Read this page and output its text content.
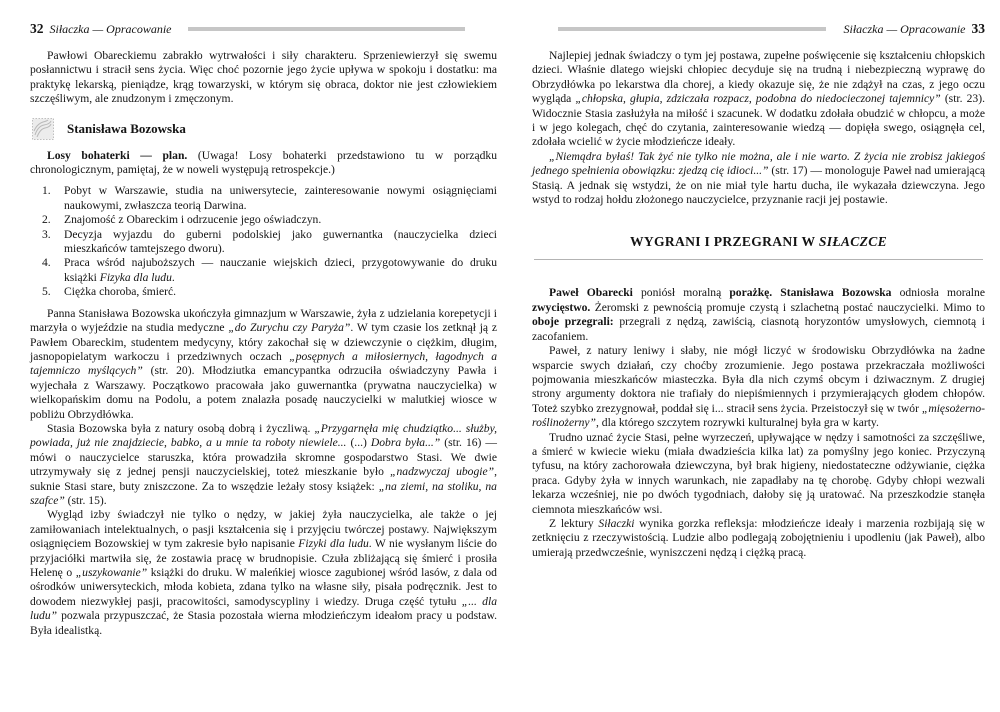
32 Siłaczka — Opracowanie

Pawłowi Obareckiemu zabrakło wytrwałości i siły charakteru. Sprzeniewierzył się swemu posłannictwu i stracił sens życia. Więc choć pozornie jego życie upływa w spokoju i dostatku: ma praktykę lekarską, pieniądze, krąg towarzyski, w którym się obraca, doktor nie jest człowiekiem szczęśliwym, ale znudzonym i zmęczonym.

Stanisława Bozowska

Losy bohaterki — plan. (Uwaga! Losy bohaterki przedstawiono tu w porządku chronologicznym, pamiętaj, że w noweli występują retrospekcje.)

1. Pobyt w Warszawie, studia na uniwersytecie, zainteresowanie nowymi osiągnięciami naukowymi, zwłaszcza teorią Darwina.
2. Znajomość z Obareckim i odrzucenie jego oświadczyn.
3. Decyzja wyjazdu do guberni podolskiej jako guwernantka (nauczycielka dzieci mieszkańców tamtejszego dworu).
4. Praca wśród najuboższych — nauczanie wiejskich dzieci, przygotowywanie do druku książki Fizyka dla ludu.
5. Ciężka choroba, śmierć.

Panna Stanisława Bozowska ukończyła gimnazjum w Warszawie, żyła z udzielania korepetycji i marzyła o wyjeździe na studia medyczne „do Zurychu czy Paryża”. W tym czasie los zetknął ją z Pawłem Obareckim, studentem medycyny, który zakochał się w dziewczynie o ciężkim, długim, jasnopopielatym warkoczu i przedziwnych oczach „posępnych a miłosiernych, łagodnych a tajemniczo myślących” (str. 20). Młodziutka emancypantka odrzuciła oświadczyny Pawła i wyjechała z Warszawy. Początkowo pracowała jako guwernantka (prywatna nauczycielka) w wielkopańskim domu na Podolu, a potem znalazła posadę nauczycielki w malutkiej wiosce w pobliżu Obrzydłówka.

Stasia Bozowska była z natury osobą dobrą i życzliwą. „Przygarnęła mię chudziątko... służby, powiada, już nie znajdziecie, babko, a u mnie ta roboty niewiele... (...) Dobra była...” (str. 16) — mówi o nauczycielce staruszka, która prowadziła skromne gospodarstwo Stasi. We dwie utrzymywały się z jednej pensji nauczycielskiej, toteż mieszkanie było „nadzwyczaj ubogie”, suknie Stasi stare, buty zniszczone. Za to wszędzie leżały stosy książek: „na ziemi, na stoliku, na szafce” (str. 15).

Wygląd izby świadczył nie tylko o nędzy, w jakiej żyła nauczycielka, ale także o jej zamiłowaniach intelektualnych, o pasji kształcenia się i przyjęciu twórczej postawy. Największym osiągnięciem Bozowskiej w tym zakresie było napisanie Fizyki dla ludu. W nie wysłanym liście do przyjaciółki martwiła się, że zostawia pracę w brudnopisie. Czuła zbliżającą się śmierć i prosiła Helenę o „uszykowanie” książki do druku. W maleńkiej wiosce zagubionej wśród lasów, z dala od ośrodków uniwersyteckich, młoda kobieta, zdana tylko na własne siły, pisała podręcznik. Jest to dowodem niezwykłej pasji, pracowitości, samodyscypliny i wiedzy. Druga część tytułu „... dla ludu” pozwala przypuszczać, że Stasia pozostała wierna młodzieńczym ideałom pracy u podstaw. Była idealistką.

Siłaczka — Opracowanie 33

Najlepiej jednak świadczy o tym jej postawa, zupełne poświęcenie się kształceniu chłopskich dzieci. Właśnie dlatego wiejski chłopiec decyduje się na trudną i niebezpieczną wyprawę do Obrzydłówka po lekarstwa dla chorej, a kiedy okazuje się, że nie zdążył na czas, z jego oczu wygląda „chłopska, głupia, zdziczała rozpacz, podobna do niedocieczonej tajemnicy” (str. 23). Widocznie Stasia zasłużyła na miłość i szacunek. W dodatku zdołała obudzić w chłopcu, a może i w jego kolegach, chęć do czytania, zainteresowanie wiedzą — dopięła swego, osiągnęła cel, zdołała wcielić w życie młodzieńcze ideały.

„Niemądra byłaś! Tak żyć nie tylko nie można, ale i nie warto. Z życia nie zrobisz jakiegoś jednego spełnienia obowiązku: zjedzą cię idioci...” (str. 17) — monologuje Paweł nad umierającą Stasią. A jednak się wstydzi, że on nie miał tyle hartu ducha, ile wykazała dziewczyna. Jego wstyd to rodzaj hołdu złożonego nauczycielce, przyznanie racji jej postawie.

WYGRANI I PRZEGRANI W SIŁACZCE

Paweł Obarecki poniósł moralną porażkę. Stanisława Bozowska odniosła moralne zwycięstwo. Żeromski z pewnością promuje czystą i szlachetną postać nauczycielki. Mimo to oboje przegrali: przegrali z nędzą, zawiścią, ciasnotą horyzontów umysłowych, ciemnotą i zacofaniem.

Paweł, z natury leniwy i słaby, nie mógł liczyć w środowisku Obrzydłówka na żadne wsparcie swych działań, czy choćby zrozumienie. Jego postawa przekraczała możliwości pojmowania mieszkańców miasteczka. Była dla nich czymś obcym i dziwacznym. Z drugiej strony argumenty doktora nie trafiały do niepiśmiennych i przymierających głodem chłopów. Toteż szybko zrezygnował, poddał się i... stracił sens życia. Przeistoczył się w twór „mięsożerno-roślinożerny”, dla którego szczytem rozrywki kulturalnej była gra w karty.

Trudno uznać życie Stasi, pełne wyrzeczeń, upływające w nędzy i samotności za szczęśliwe, a śmierć w kwiecie wieku (miała dwadzieścia kilka lat) za pomyślny jego koniec. Przyczyną tyfusu, na który zachorowała dziewczyna, był brak higieny, niedostateczne odżywianie, ciężka praca. Gdyby żyła w innych warunkach, nie zapadłaby na tę chorobę. Gdyby chłopi wezwali lekarza wcześniej, nie po dwóch tygodniach, dałoby się ją uratować. Na przeszkodzie stanęła ciemnota mieszkańców wsi.

Z lektury Siłaczki wynika gorzka refleksja: młodzieńcze ideały i marzenia rozbijają się w zetknięciu z rzeczywistością. Ludzie albo podlegają zobojętnieniu i upodleniu (jak Paweł), albo umierają przedwcześnie, wyniszczeni nędzą i ciężką pracą.
